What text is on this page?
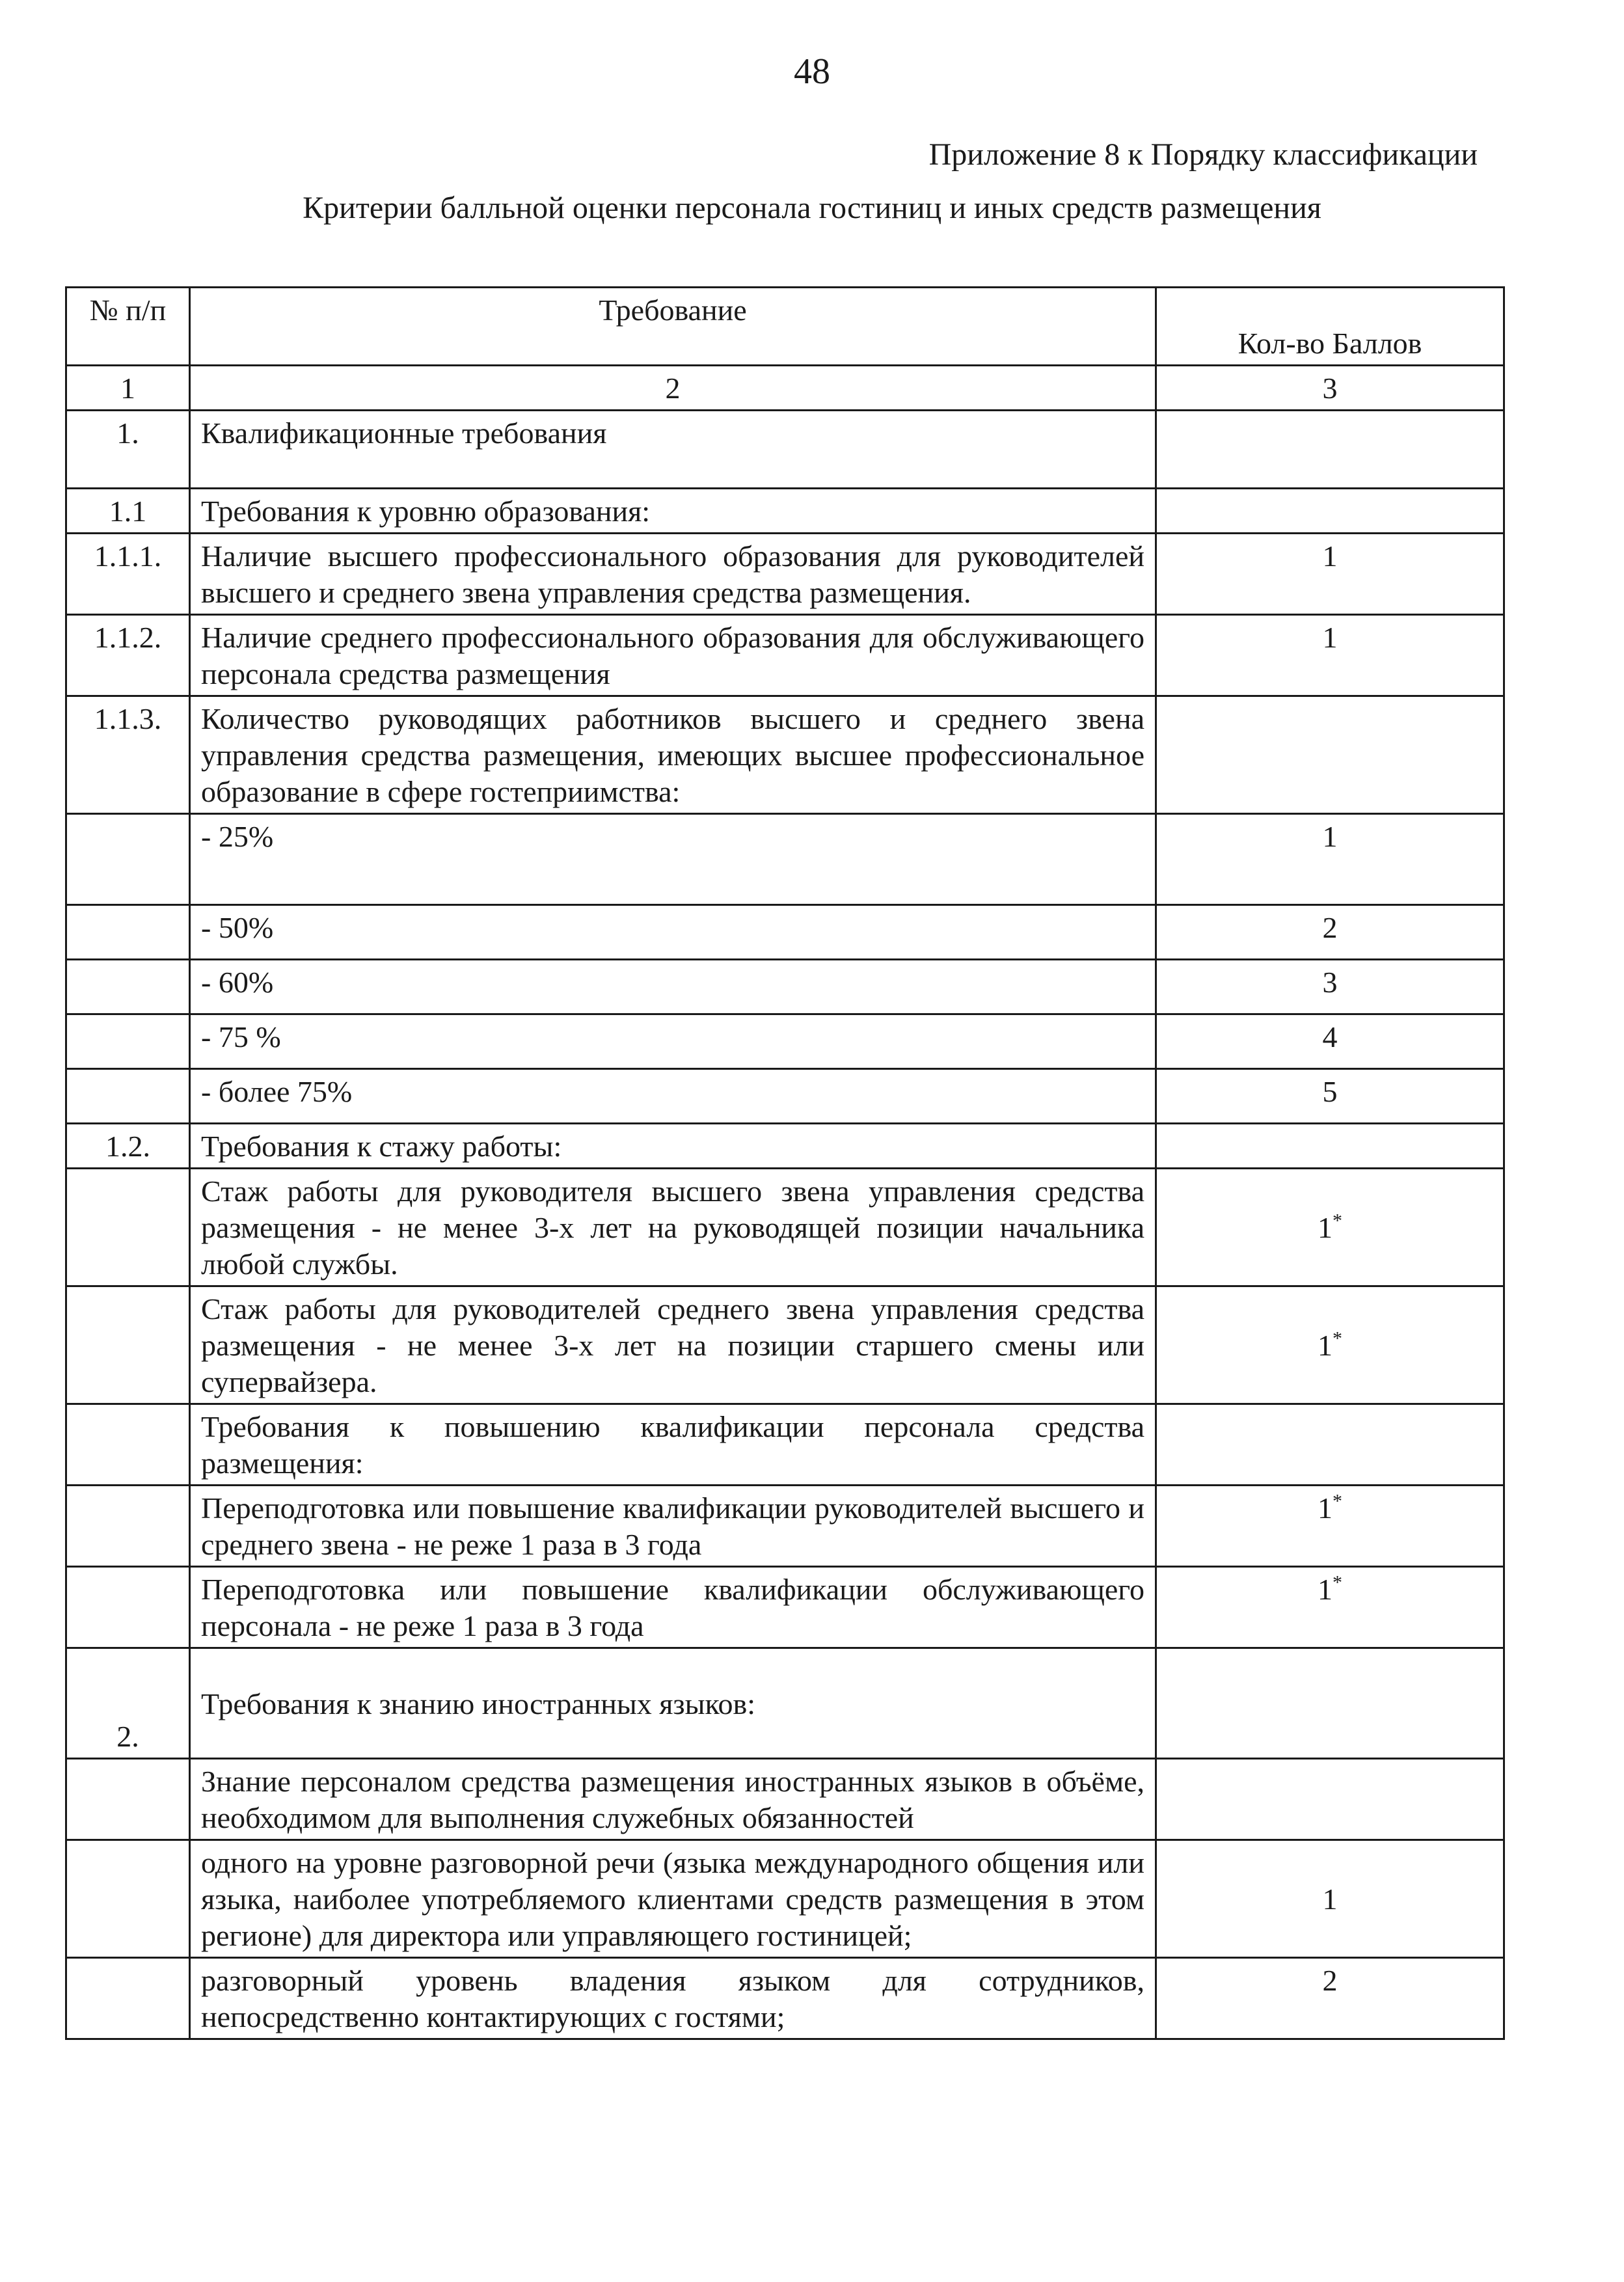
48
Приложение 8 к Порядку классификации
Критерии балльной оценки персонала гостиниц и иных средств размещения
№ п/п	Требование	Кол-во Баллов
1	2	3
1.	Квалификационные требования	
1.1	Требования к уровню образования:	
1.1.1.	Наличие высшего профессионального образования для руководителей высшего и среднего звена управления средства размещения.	1
1.1.2.	Наличие среднего профессионального образования для обслуживающего персонала средства размещения	1
1.1.3.	Количество руководящих работников высшего и среднего звена управления средства размещения, имеющих высшее профессиональное образование в сфере гостеприимства:	
	- 25%	1
	- 50%	2
	- 60%	3
	- 75 %	4
	- более 75%	5
1.2.	Требования к стажу работы:	
	Стаж работы для руководителя высшего звена управления средства размещения - не менее 3-х лет на руководящей позиции начальника любой службы.	1*
	Стаж работы для руководителей среднего звена управления средства размещения - не менее 3-х лет на позиции старшего смены или супервайзера.	1*
	Требования к повышению квалификации персонала средства размещения:	
	Переподготовка или повышение квалификации руководителей высшего и среднего звена - не реже 1 раза в 3 года	1*
	Переподготовка или повышение квалификации обслуживающего персонала - не реже 1 раза в 3 года	1*
2.	Требования к знанию иностранных языков:	
	Знание персоналом средства размещения иностранных языков в объёме, необходимом для выполнения служебных обязанностей	
	одного на уровне разговорной речи (языка международного общения или языка, наиболее употребляемого клиентами средств размещения в этом регионе) для директора или управляющего гостиницей;	1
	разговорный уровень владения языком для сотрудников, непосредственно контактирующих с гостями;	2
